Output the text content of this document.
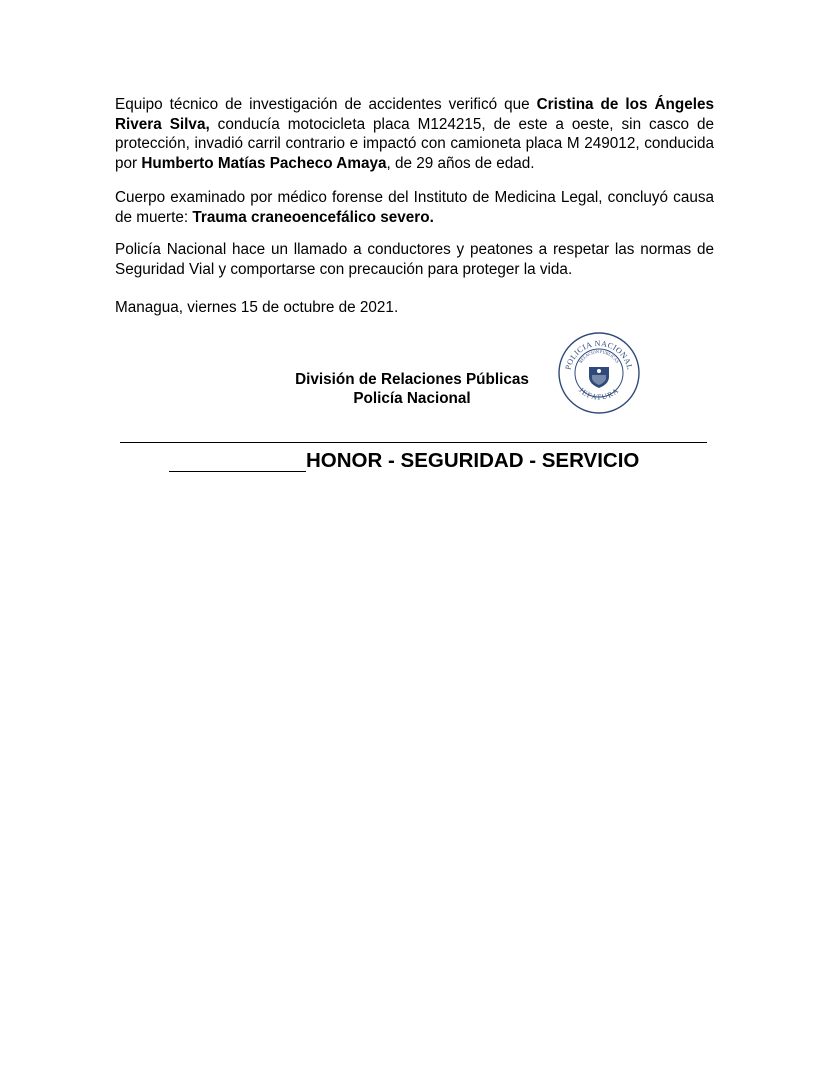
Equipo técnico de investigación de accidentes verificó que Cristina de los Ángeles Rivera Silva, conducía motocicleta placa M124215, de este a oeste, sin casco de protección, invadió carril contrario e impactó con camioneta placa M 249012, conducida por Humberto Matías Pacheco Amaya, de 29 años de edad.

Cuerpo examinado por médico forense del Instituto de Medicina Legal, concluyó causa de muerte: Trauma craneoencefálico severo.

Policía Nacional hace un llamado a conductores y peatones a respetar las normas de Seguridad Vial y comportarse con precaución para proteger la vida.

Managua, viernes 15 de octubre de 2021.

División de Relaciones Públicas
Policía Nacional
POLICIA NACIONAL
RELACION PUBLICAS
JEFATURA
HONOR - SEGURIDAD - SERVICIO
